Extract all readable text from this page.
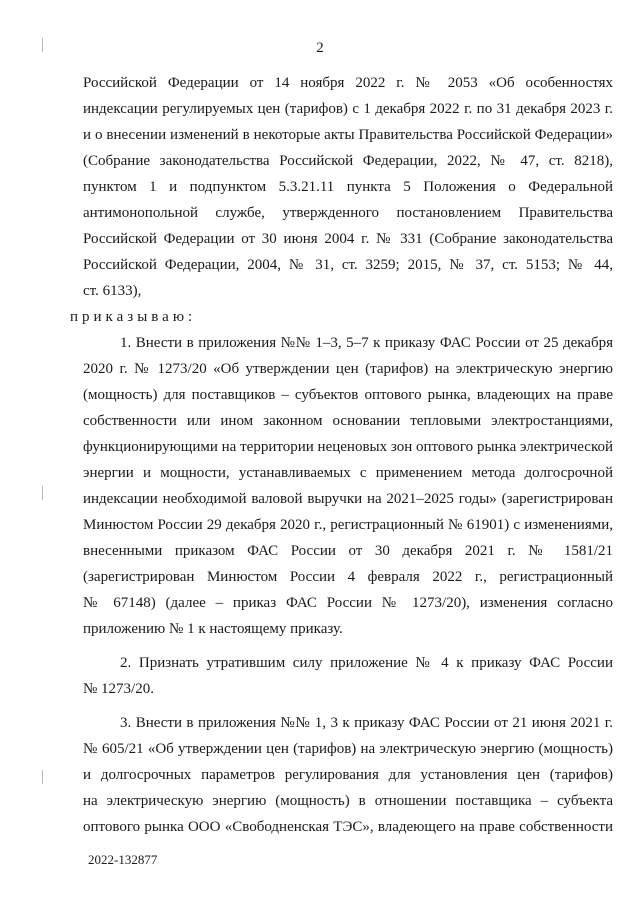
2
Российской Федерации от 14 ноября 2022 г. № 2053 «Об особенностях
индексации регулируемых цен (тарифов) с 1 декабря 2022 г. по 31 декабря 2023 г.
и о внесении изменений в некоторые акты Правительства Российской Федерации»
(Собрание законодательства Российской Федерации, 2022, № 47, ст. 8218),
пунктом 1 и подпунктом 5.3.21.11 пункта 5 Положения о Федеральной
антимонопольной службе, утвержденного постановлением Правительства
Российской Федерации от 30 июня 2004 г. № 331 (Собрание законодательства
Российской Федерации, 2004, № 31, ст. 3259; 2015, № 37, ст. 5153; № 44,
ст. 6133),
приказываю:
1. Внести в приложения №№ 1–3, 5–7 к приказу ФАС России от 25 декабря
2020 г. № 1273/20 «Об утверждении цен (тарифов) на электрическую энергию
(мощность) для поставщиков – субъектов оптового рынка, владеющих на праве
собственности или ином законном основании тепловыми электростанциями,
функционирующими на территории неценовых зон оптового рынка электрической
энергии и мощности, устанавливаемых с применением метода долгосрочной
индексации необходимой валовой выручки на 2021–2025 годы» (зарегистрирован
Минюстом России 29 декабря 2020 г., регистрационный № 61901) с изменениями,
внесенными приказом ФАС России от 30 декабря 2021 г. № 1581/21
(зарегистрирован Минюстом России 4 февраля 2022 г., регистрационный
№ 67148) (далее – приказ ФАС России № 1273/20), изменения согласно
приложению № 1 к настоящему приказу.
2. Признать утратившим силу приложение № 4 к приказу ФАС России
№ 1273/20.
3. Внести в приложения №№ 1, 3 к приказу ФАС России от 21 июня 2021 г.
№ 605/21 «Об утверждении цен (тарифов) на электрическую энергию (мощность)
и долгосрочных параметров регулирования для установления цен (тарифов)
на электрическую энергию (мощность) в отношении поставщика – субъекта
оптового рынка ООО «Свободненская ТЭС», владеющего на праве собственности
2022-132877
